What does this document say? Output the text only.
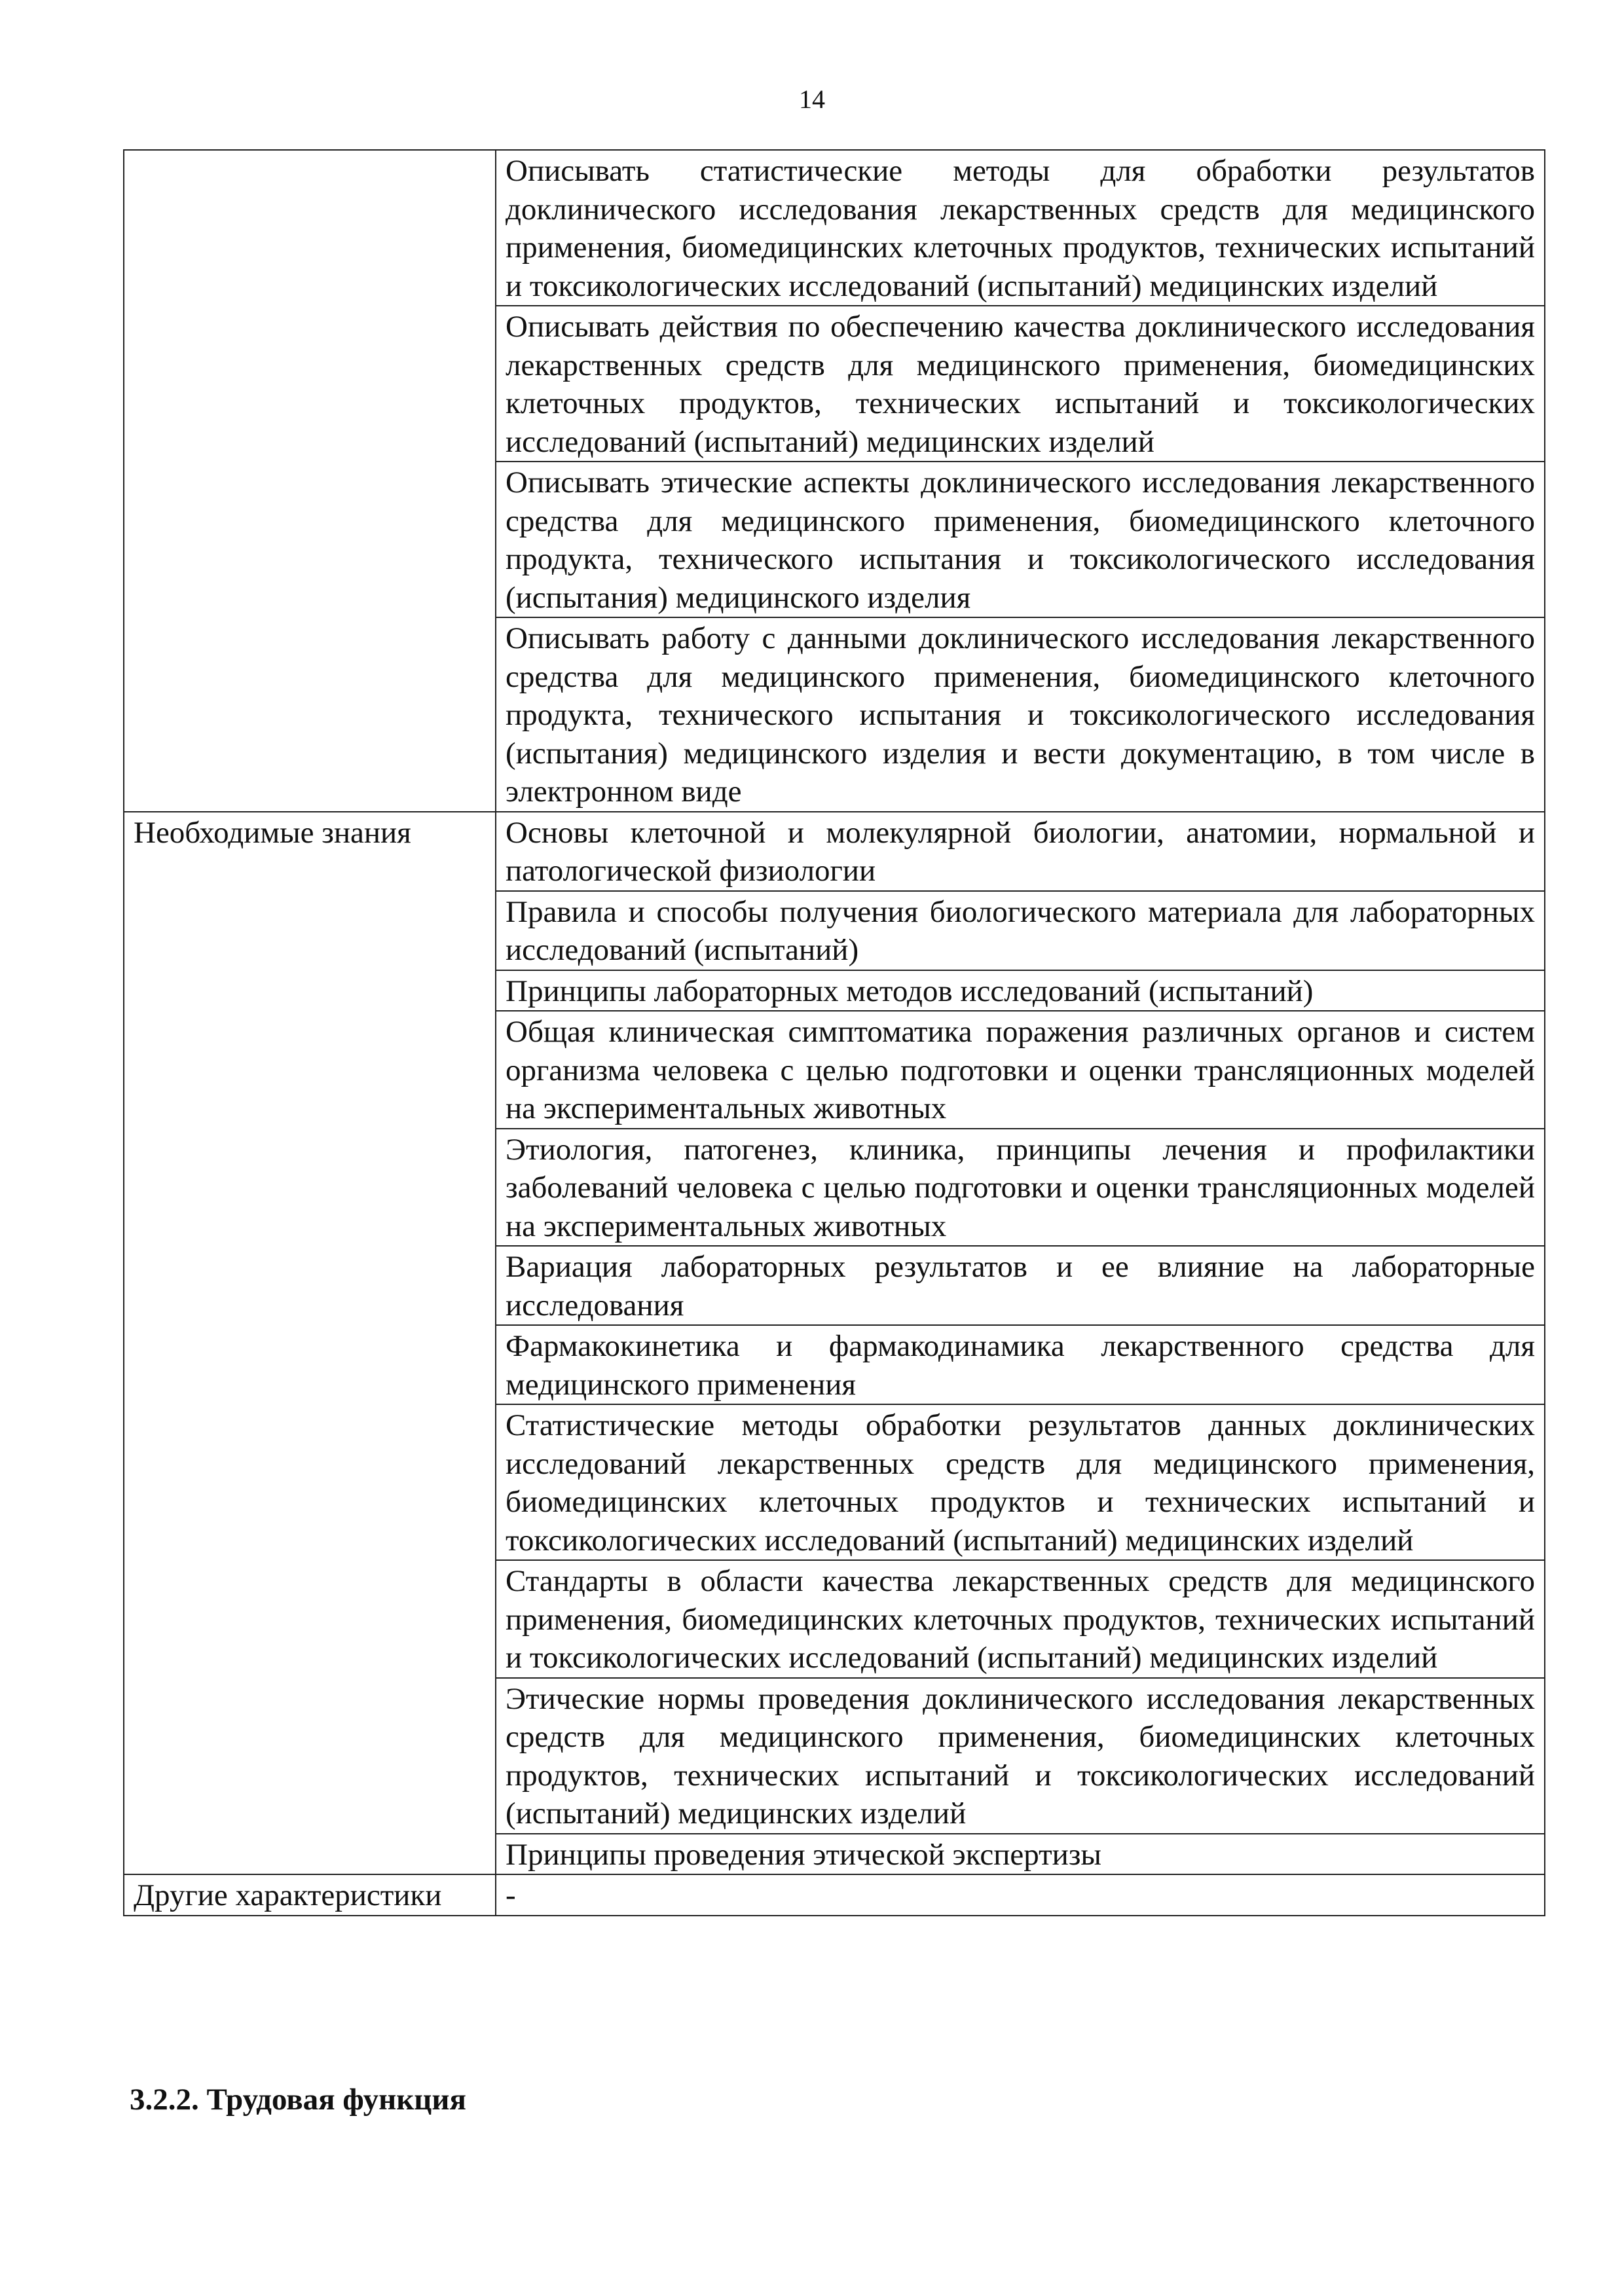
14
	Описывать статистические методы для обработки результатов доклинического исследования лекарственных средств для медицинского применения, биомедицинских клеточных продуктов, технических испытаний и токсикологических исследований (испытаний) медицинских изделий
	Описывать действия по обеспечению качества доклинического исследования лекарственных средств для медицинского применения, биомедицинских клеточных продуктов, технических испытаний и токсикологических исследований (испытаний) медицинских изделий
	Описывать этические аспекты доклинического исследования лекарственного средства для медицинского применения, биомедицинского клеточного продукта, технического испытания и токсикологического исследования (испытания) медицинского изделия
	Описывать работу с данными доклинического исследования лекарственного средства для медицинского применения, биомедицинского клеточного продукта, технического испытания и токсикологического исследования (испытания) медицинского изделия и вести документацию, в том числе в электронном виде
Необходимые знания	Основы клеточной и молекулярной биологии, анатомии, нормальной и патологической физиологии
	Правила и способы получения биологического материала для лабораторных исследований (испытаний)
	Принципы лабораторных методов исследований (испытаний)
	Общая клиническая симптоматика поражения различных органов и систем организма человека с целью подготовки и оценки трансляционных моделей на экспериментальных животных
	Этиология, патогенез, клиника, принципы лечения и профилактики заболеваний человека с целью подготовки и оценки трансляционных моделей на экспериментальных животных
	Вариация лабораторных результатов и ее влияние на лабораторные исследования
	Фармакокинетика и фармакодинамика лекарственного средства для медицинского применения
	Статистические методы обработки результатов данных доклинических исследований лекарственных средств для медицинского применения, биомедицинских клеточных продуктов и технических испытаний и токсикологических исследований (испытаний) медицинских изделий
	Стандарты в области качества лекарственных средств для медицинского применения, биомедицинских клеточных продуктов, технических испытаний и токсикологических исследований (испытаний) медицинских изделий
	Этические нормы проведения доклинического исследования лекарственных средств для медицинского применения, биомедицинских клеточных продуктов, технических испытаний и токсикологических исследований (испытаний) медицинских изделий
	Принципы проведения этической экспертизы
Другие характеристики	-
3.2.2. Трудовая функция
